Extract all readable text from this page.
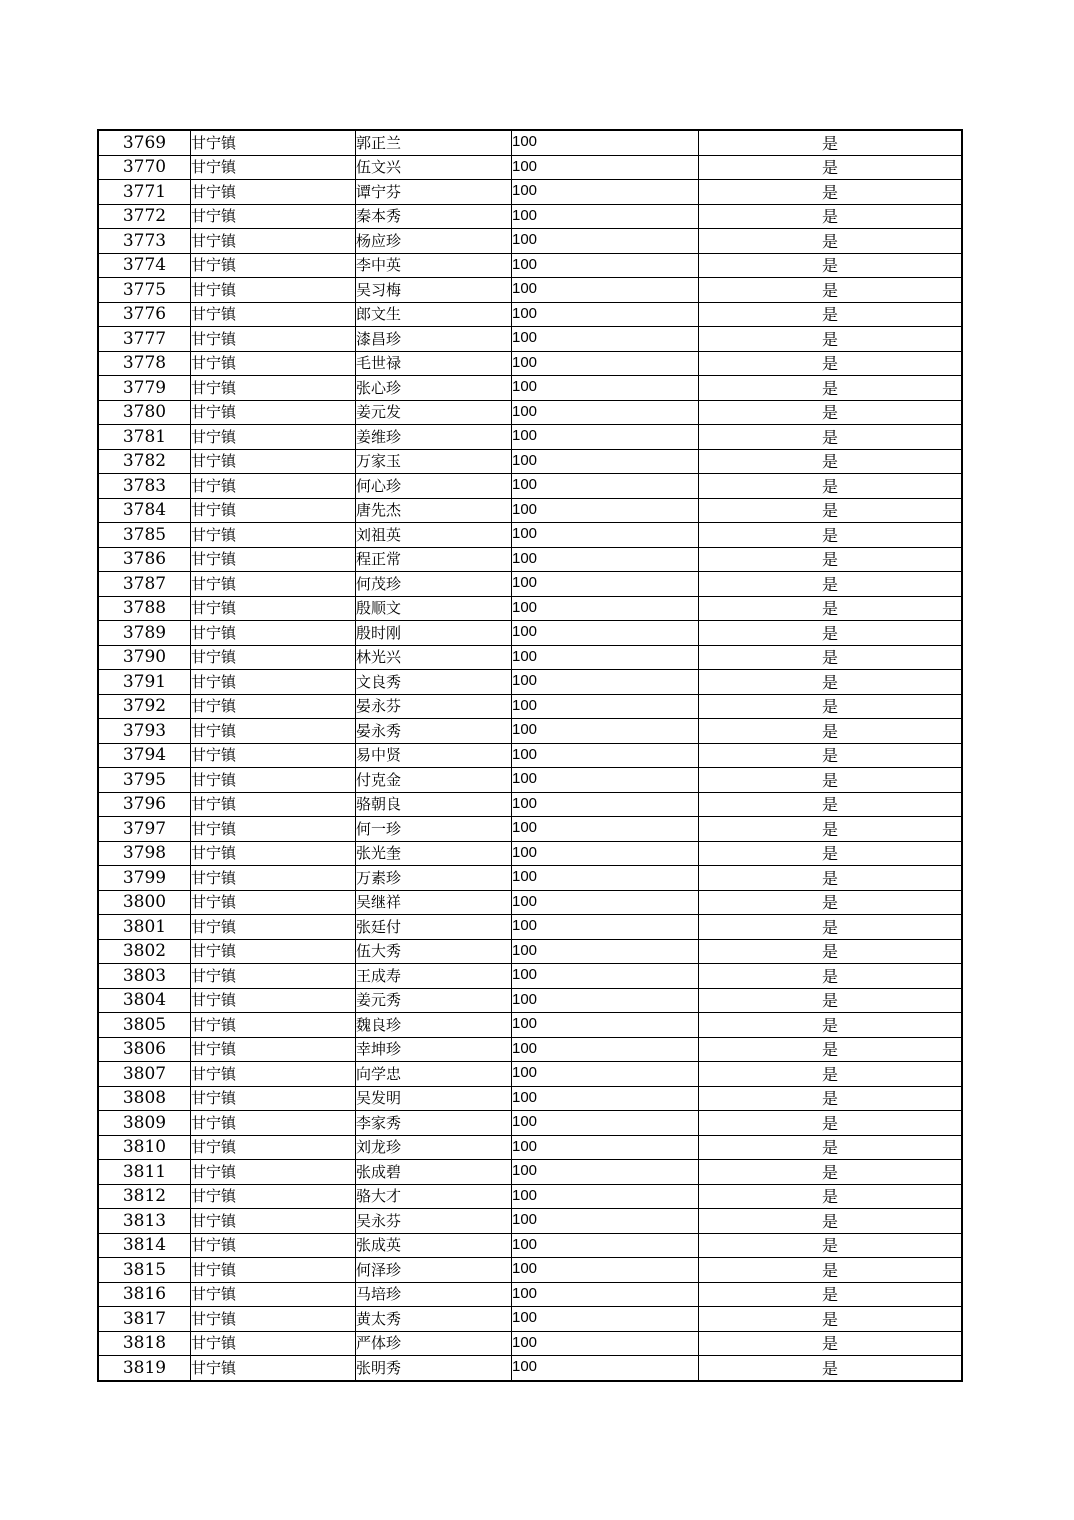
3769	甘宁镇	郭正兰	100	是
3770	甘宁镇	伍文兴	100	是
3771	甘宁镇	谭宁芬	100	是
3772	甘宁镇	秦本秀	100	是
3773	甘宁镇	杨应珍	100	是
3774	甘宁镇	李中英	100	是
3775	甘宁镇	吴习梅	100	是
3776	甘宁镇	郎文生	100	是
3777	甘宁镇	漆昌珍	100	是
3778	甘宁镇	毛世禄	100	是
3779	甘宁镇	张心珍	100	是
3780	甘宁镇	姜元发	100	是
3781	甘宁镇	姜维珍	100	是
3782	甘宁镇	万家玉	100	是
3783	甘宁镇	何心珍	100	是
3784	甘宁镇	唐先杰	100	是
3785	甘宁镇	刘祖英	100	是
3786	甘宁镇	程正常	100	是
3787	甘宁镇	何茂珍	100	是
3788	甘宁镇	殷顺文	100	是
3789	甘宁镇	殷时刚	100	是
3790	甘宁镇	林光兴	100	是
3791	甘宁镇	文良秀	100	是
3792	甘宁镇	晏永芬	100	是
3793	甘宁镇	晏永秀	100	是
3794	甘宁镇	易中贤	100	是
3795	甘宁镇	付克金	100	是
3796	甘宁镇	骆朝良	100	是
3797	甘宁镇	何一珍	100	是
3798	甘宁镇	张光奎	100	是
3799	甘宁镇	万素珍	100	是
3800	甘宁镇	吴继祥	100	是
3801	甘宁镇	张廷付	100	是
3802	甘宁镇	伍大秀	100	是
3803	甘宁镇	王成寿	100	是
3804	甘宁镇	姜元秀	100	是
3805	甘宁镇	魏良珍	100	是
3806	甘宁镇	幸坤珍	100	是
3807	甘宁镇	向学忠	100	是
3808	甘宁镇	吴发明	100	是
3809	甘宁镇	李家秀	100	是
3810	甘宁镇	刘龙珍	100	是
3811	甘宁镇	张成碧	100	是
3812	甘宁镇	骆大才	100	是
3813	甘宁镇	吴永芬	100	是
3814	甘宁镇	张成英	100	是
3815	甘宁镇	何泽珍	100	是
3816	甘宁镇	马培珍	100	是
3817	甘宁镇	黄太秀	100	是
3818	甘宁镇	严体珍	100	是
3819	甘宁镇	张明秀	100	是
